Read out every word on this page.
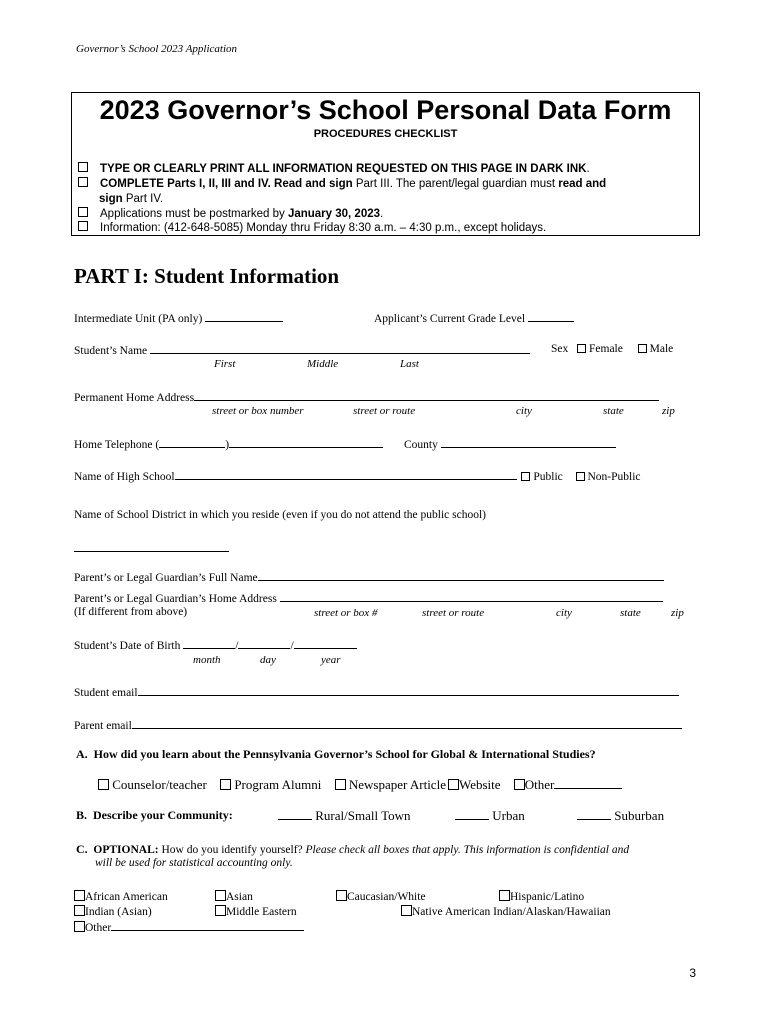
Governor’s School 2023 Application
2023 Governor’s School Personal Data Form
PROCEDURES CHECKLIST
TYPE OR CLEARLY PRINT ALL INFORMATION REQUESTED ON THIS PAGE IN DARK INK.
COMPLETE Parts I, II, III and IV. Read and sign Part III. The parent/legal guardian must read and
sign Part IV.
Applications must be postmarked by January 30, 2023.
Information: (412-648-5085) Monday thru Friday 8:30 a.m. – 4:30 p.m., except holidays.
PART I: Student Information
Intermediate Unit (PA only)	Applicant’s Current Grade Level
Student’s Name
First	Middle	Last
Sex Female Male
Permanent Home Address
street or box number	street or route	city	state	zip
Home Telephone (	)	County
Name of High School	Public Non-Public
Name of School District in which you reside (even if you do not attend the public school)
Parent’s or Legal Guardian’s Full Name
Parent’s or Legal Guardian’s Home Address
(If different from above)	street or box #	street or route	city	state	zip
Student’s Date of Birth	/	/
month	day	year
Student email
Parent email
A. How did you learn about the Pennsylvania Governor’s School for Global & International Studies?
Counselor/teacher Program Alumni Newspaper Article Website Other
B. Describe your Community:	Rural/Small Town	Urban	Suburban
C. OPTIONAL: How do you identify yourself? Please check all boxes that apply. This information is confidential and
will be used for statistical accounting only.
African American	Asian	Caucasian/White	Hispanic/Latino
Indian (Asian)	Middle Eastern	Native American Indian/Alaskan/Hawaiian
Other
3
